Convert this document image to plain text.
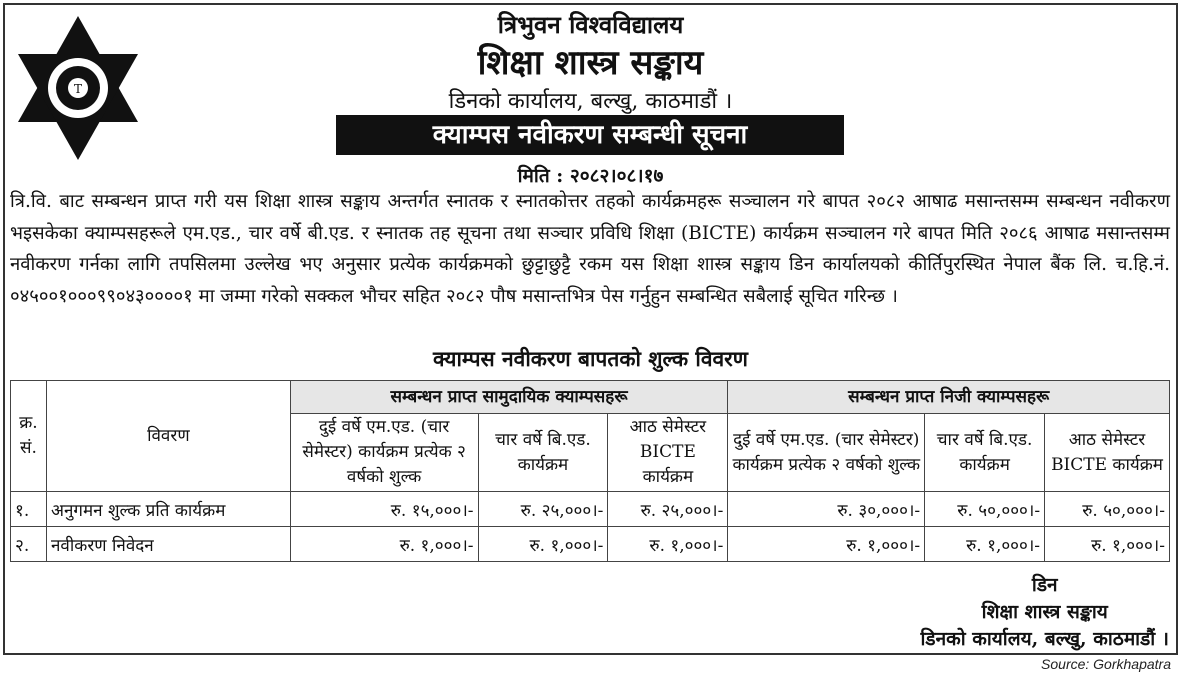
T
त्रिभुवन विश्वविद्यालय
शिक्षा शास्त्र सङ्काय
डिनको कार्यालय, बल्खु, काठमाडौं ।
क्याम्पस नवीकरण सम्बन्धी सूचना
मिति : २०८२।०८।१७
त्रि.वि. बाट सम्बन्धन प्राप्त गरी यस शिक्षा शास्त्र सङ्काय अन्तर्गत स्नातक र स्नातकोत्तर तहको कार्यक्रमहरू सञ्चालन गरे बापत २०८२ आषाढ मसान्तसम्म सम्बन्धन नवीकरण भइसकेका क्याम्पसहरूले एम.एड., चार वर्षे बी.एड. र स्नातक तह सूचना तथा सञ्चार प्रविधि शिक्षा (BICTE) कार्यक्रम सञ्चालन गरे बापत मिति २०८६ आषाढ मसान्तसम्म नवीकरण गर्नका लागि तपसिलमा उल्लेख भए अनुसार प्रत्येक कार्यक्रमको छुट्टाछुट्टै रकम यस शिक्षा शास्त्र सङ्काय डिन कार्यालयको कीर्तिपुरस्थित नेपाल बैंक लि. च.हि.नं. ०४५००१०००९९०४३००००१ मा जम्मा गरेको सक्कल भौचर सहित २०८२ पौष मसान्तभित्र पेस गर्नुहुन सम्बन्धित सबैलाई सूचित गरिन्छ ।
क्याम्पस नवीकरण बापतको शुल्क विवरण
क्र. सं.	विवरण	सम्बन्धन प्राप्त सामुदायिक क्याम्पसहरू			सम्बन्धन प्राप्त निजी क्याम्पसहरू		
		दुई वर्षे एम.एड. (चार सेमेस्टर) कार्यक्रम प्रत्येक २ वर्षको शुल्क	चार वर्षे बि.एड. कार्यक्रम	आठ सेमेस्टर BICTE कार्यक्रम	दुई वर्षे एम.एड. (चार सेमेस्टर) कार्यक्रम प्रत्येक २ वर्षको शुल्क	चार वर्षे बि.एड. कार्यक्रम	आठ सेमेस्टर BICTE कार्यक्रम
१.	अनुगमन शुल्क प्रति कार्यक्रम	रु. १५,०००।-	रु. २५,०००।-	रु. २५,०००।-	रु. ३०,०००।-	रु. ५०,०००।-	रु. ५०,०००।-
२.	नवीकरण निवेदन	रु. १,०००।-	रु. १,०००।-	रु. १,०००।-	रु. १,०००।-	रु. १,०००।-	रु. १,०००।-
डिन
शिक्षा शास्त्र सङ्काय
डिनको कार्यालय, बल्खु, काठमाडौं ।
Source: Gorkhapatra
